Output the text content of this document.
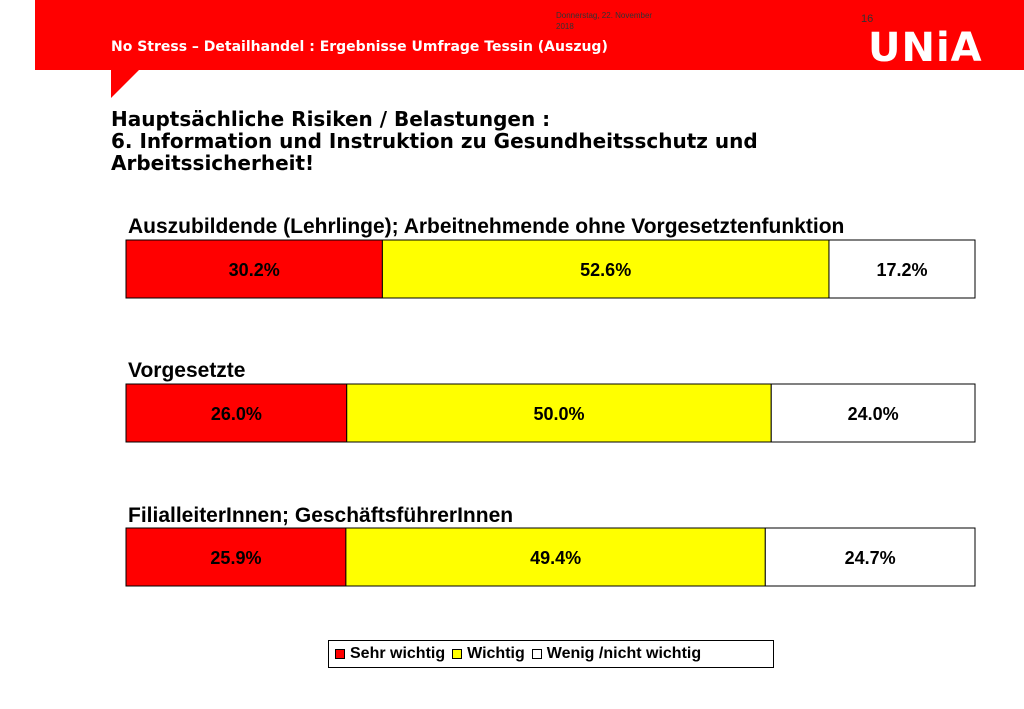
No Stress – Detailhandel : Ergebnisse Umfrage Tessin (Auszug)
Donnerstag, 22. November
2018
16
UNiA
Hauptsächliche Risiken / Belastungen :
6. Information und Instruktion zu Gesundheitsschutz und
Arbeitssicherheit!
Auszubildende (Lehrlinge); Arbeitnehmende ohne Vorgesetztenfunktion
30.2%	52.6%	17.2%
Vorgesetzte
26.0%	50.0%	24.0%
FilialleiterInnen; GeschäftsführerInnen
25.9%	49.4%	24.7%
Sehr wichtig Wichtig Wenig /nicht wichtig
